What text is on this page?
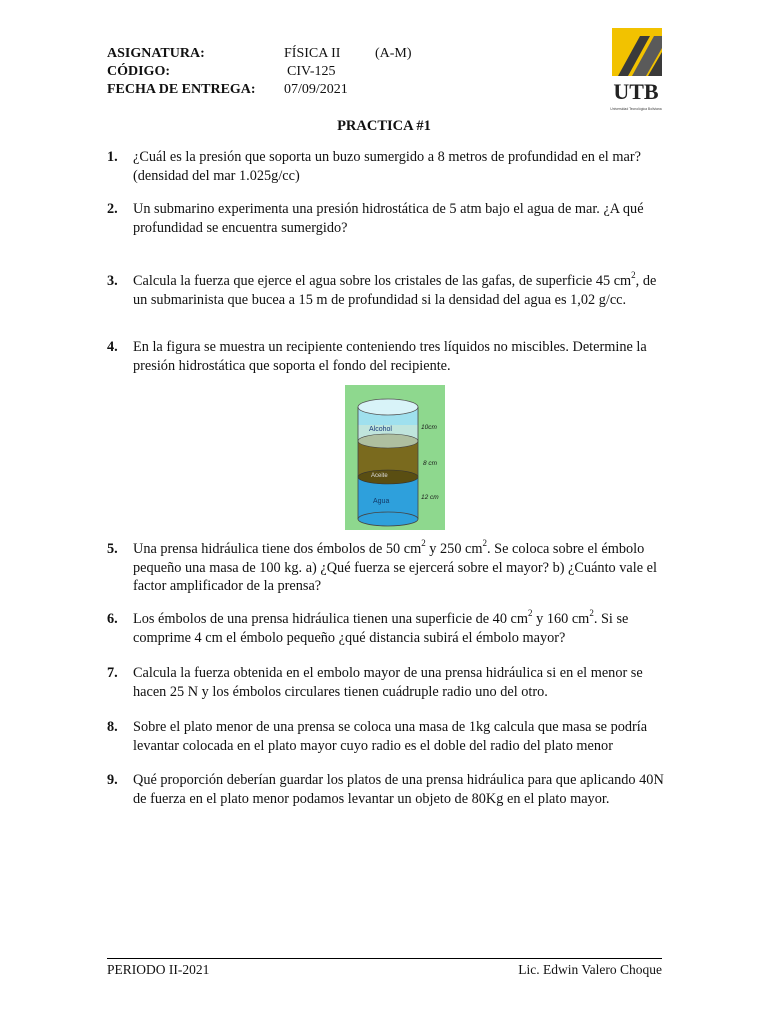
ASIGNATURA:	FÍSICA II (A-M)
CÓDIGO:	CIV-125
FECHA DE ENTREGA: 07/09/2021	UTB
Universidad Tecnológica Boliviana
PRACTICA #1
1. ¿Cuál es la presión que soporta un buzo sumergido a 8 metros de profundidad en el mar? (densidad del mar 1.025g/cc)
2. Un submarino experimenta una presión hidrostática de 5 atm bajo el agua de mar. ¿A qué profundidad se encuentra sumergido?
3. Calcula la fuerza que ejerce el agua sobre los cristales de las gafas, de superficie 45 $cm^2$, de un submarinista que bucea a 15 m de profundidad si la densidad del agua es 1,02 g/cc.
4. En la figura se muestra un recipiente conteniendo tres líquidos no miscibles. Determine la presión hidrostática que soporta el fondo del recipiente.
Alcohol
Aceite
Agua
10cm
8 cm
12 cm
5. Una prensa hidráulica tiene dos émbolos de 50 $cm^2$ y 250 $cm^2$. Se coloca sobre el émbolo pequeño una masa de 100 kg. a) ¿Qué fuerza se ejercerá sobre el mayor? b) ¿Cuánto vale el factor amplificador de la prensa?
6. Los émbolos de una prensa hidráulica tienen una superficie de 40 $cm^2$ y 160 $cm^2$. Si se comprime 4 cm el émbolo pequeño ¿qué distancia subirá el émbolo mayor?
7. Calcula la fuerza obtenida en el embolo mayor de una prensa hidráulica si en el menor se hacen 25 N y los émbolos circulares tienen cuádruple radio uno del otro.
8. Sobre el plato menor de una prensa se coloca una masa de 1kg calcula que masa se podría levantar colocada en el plato mayor cuyo radio es el doble del radio del plato menor
9. Qué proporción deberían guardar los platos de una prensa hidráulica para que aplicando 40N de fuerza en el plato menor podamos levantar un objeto de 80Kg en el plato mayor.
PERIODO II-2021	Lic. Edwin Valero Choque
